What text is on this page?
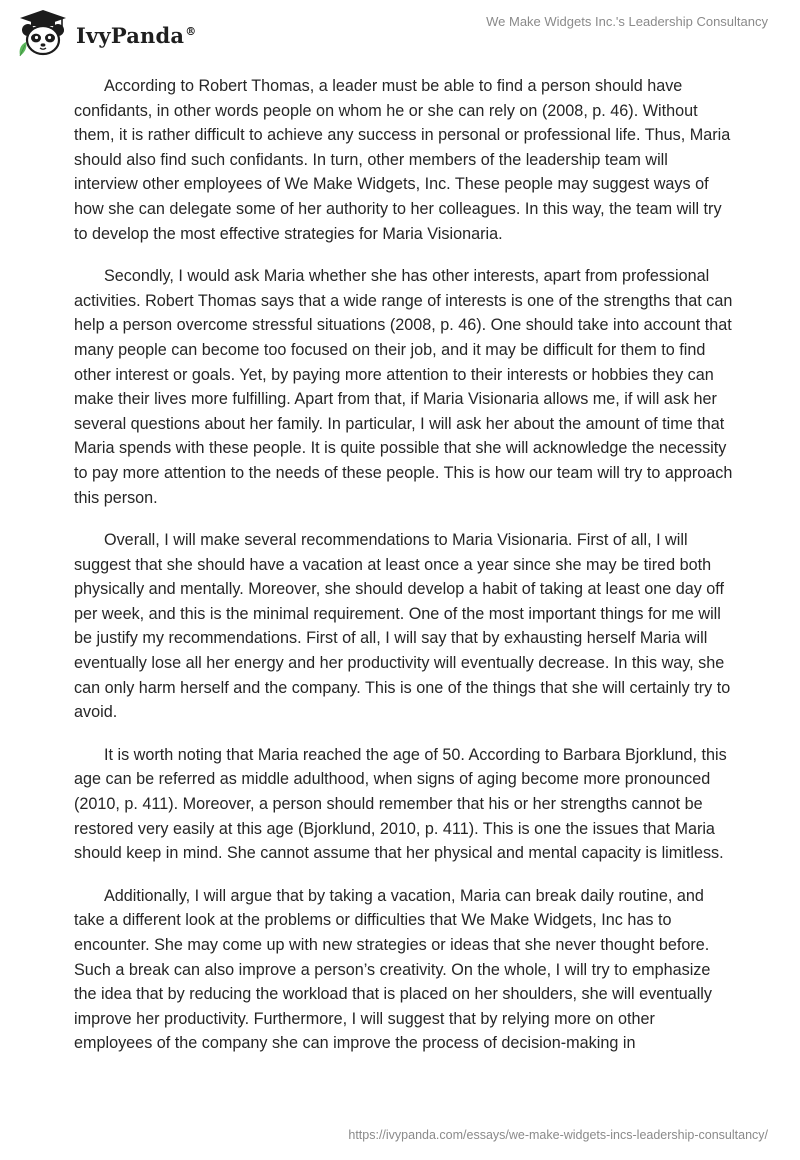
IvyPanda®
We Make Widgets Inc.'s Leadership Consultancy

According to Robert Thomas, a leader must be able to find a person should have confidants, in other words people on whom he or she can rely on (2008, p. 46). Without them, it is rather difficult to achieve any success in personal or professional life. Thus, Maria should also find such confidants. In turn, other members of the leadership team will interview other employees of We Make Widgets, Inc. These people may suggest ways of how she can delegate some of her authority to her colleagues. In this way, the team will try to develop the most effective strategies for Maria Visionaria.

Secondly, I would ask Maria whether she has other interests, apart from professional activities. Robert Thomas says that a wide range of interests is one of the strengths that can help a person overcome stressful situations (2008, p. 46). One should take into account that many people can become too focused on their job, and it may be difficult for them to find other interest or goals. Yet, by paying more attention to their interests or hobbies they can make their lives more fulfilling. Apart from that, if Maria Visionaria allows me, if will ask her several questions about her family. In particular, I will ask her about the amount of time that Maria spends with these people. It is quite possible that she will acknowledge the necessity to pay more attention to the needs of these people. This is how our team will try to approach this person.

Overall, I will make several recommendations to Maria Visionaria. First of all, I will suggest that she should have a vacation at least once a year since she may be tired both physically and mentally. Moreover, she should develop a habit of taking at least one day off per week, and this is the minimal requirement. One of the most important things for me will be justify my recommendations. First of all, I will say that by exhausting herself Maria will eventually lose all her energy and her productivity will eventually decrease. In this way, she can only harm herself and the company. This is one of the things that she will certainly try to avoid.

It is worth noting that Maria reached the age of 50. According to Barbara Bjorklund, this age can be referred as middle adulthood, when signs of aging become more pronounced (2010, p. 411). Moreover, a person should remember that his or her strengths cannot be restored very easily at this age (Bjorklund, 2010, p. 411). This is one the issues that Maria should keep in mind. She cannot assume that her physical and mental capacity is limitless.

Additionally, I will argue that by taking a vacation, Maria can break daily routine, and take a different look at the problems or difficulties that We Make Widgets, Inc has to encounter. She may come up with new strategies or ideas that she never thought before. Such a break can also improve a person’s creativity. On the whole, I will try to emphasize the idea that by reducing the workload that is placed on her shoulders, she will eventually improve her productivity. Furthermore, I will suggest that by relying more on other employees of the company she can improve the process of decision-making in

https://ivypanda.com/essays/we-make-widgets-incs-leadership-consultancy/
